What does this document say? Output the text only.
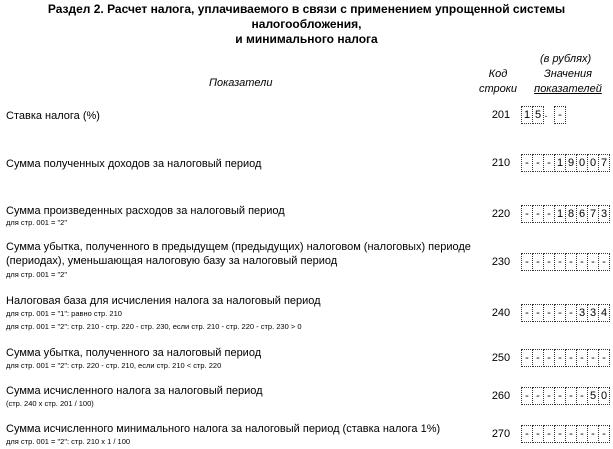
Раздел 2. Расчет налога, уплачиваемого в связи с применением упрощенной системы
налогообложения,
и минимального налога
(в рублях)
Показатели
Код
строки
Значения
показателей
Ставка налога (%)	201	1 5 . -
Сумма полученных доходов за налоговый период	210	- - - 1 9 0 0 7
Сумма произведенных расходов за налоговый период
для стр. 001 = "2"
220	- - - 1 8 6 7 3
Сумма убытка, полученного в предыдущем (предыдущих) налоговом (налоговых) периоде (периодах), уменьшающая налоговую базу за налоговый период
для стр. 001 = "2"
230	- - - - - - - -
Налоговая база для исчисления налога за налоговый период
для стр. 001 = "1": равно стр. 210
для стр. 001 = "2": стр. 210 - стр. 220 - стр. 230, если стр. 210 - стр. 220 - стр. 230 > 0
240	- - - - - 3 3 4
Сумма убытка, полученного за налоговый период
для стр. 001 = "2": стр. 220 - стр. 210, если стр. 210 < стр. 220
250	- - - - - - - -
Сумма исчисленного налога за налоговый период
(стр. 240 х стр. 201 / 100)
260	- - - - - - 5 0
Сумма исчисленного минимального налога за налоговый период (ставка налога 1%)
для стр. 001 = "2": стр. 210 х 1 / 100
270	- - - - - - - -
